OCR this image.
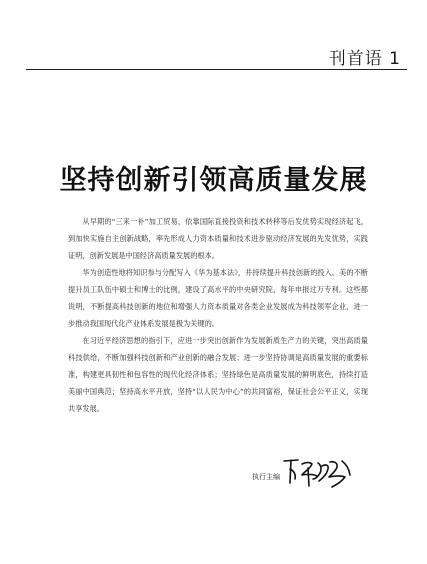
刊首语 1
坚持创新引领高质量发展

从早期的“三来一补”加工贸易，依靠国际直接投资和技术转移等后发优势实现经济起飞，到加快实施自主创新战略，率先形成人力资本质量和技术进步驱动经济发展的先发优势，实践证明，创新发展是中国经济高质量发展的根本。

华为创造性地将知识参与分配写入《华为基本法》，并持续提升科技创新的投入。美的不断提升员工队伍中硕士和博士的比例，建设了高水平的中央研究院，每年申报过万专利。这些都说明，不断提高科技创新的地位和增强人力资本质量对各类企业发展成为科技领军企业，进一步推动我国现代化产业体系发展是极为关键的。

在习近平经济思想的指引下，应进一步突出创新作为发展新质生产力的关键，突出高质量科技供给，不断加强科技创新和产业创新的融合发展；进一步坚持协调是高质量发展的重要标准，构建更具韧性和包容性的现代化经济体系；坚持绿色是高质量发展的鲜明底色，持续打造美丽中国典范；坚持高水平开放，坚持“以人民为中心”的共同富裕，保证社会公平正义，实现共享发展。

执行主编
